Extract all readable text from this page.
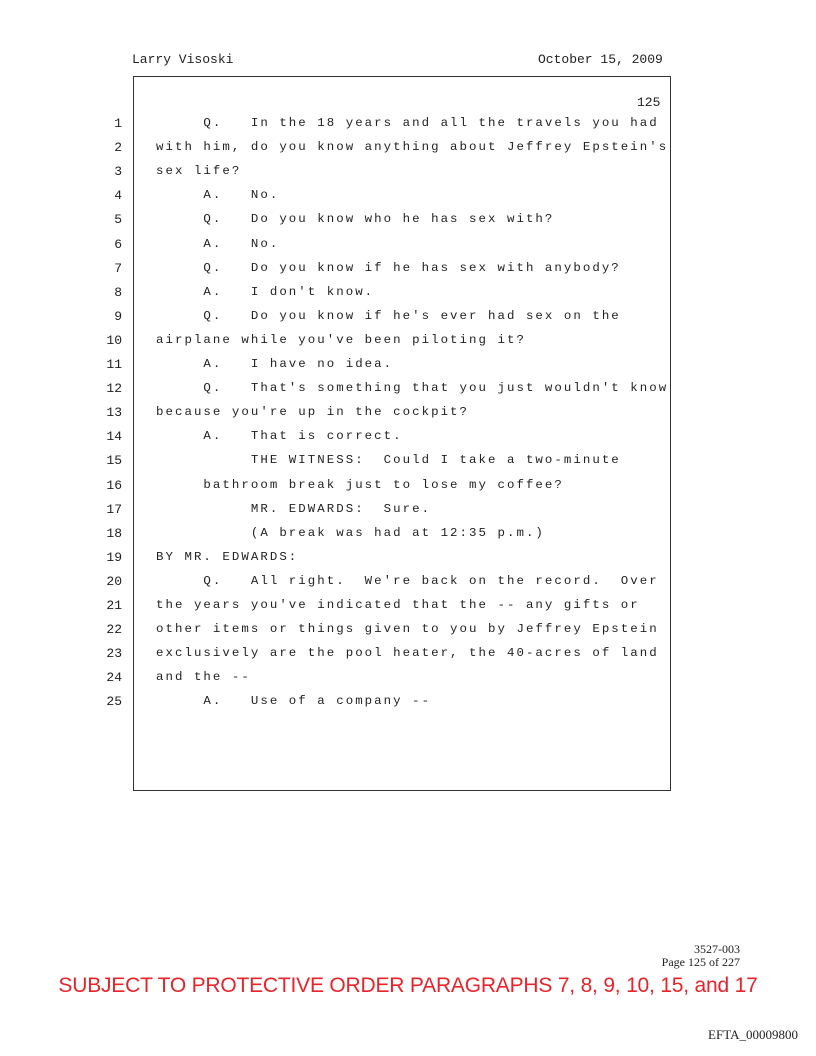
Larry Visoski	October 15, 2009
125
1	Q.   In the 18 years and all the travels you had
2	with him, do you know anything about Jeffrey Epstein's
3	sex life?
4	A.   No.
5	Q.   Do you know who he has sex with?
6	A.   No.
7	Q.   Do you know if he has sex with anybody?
8	A.   I don't know.
9	Q.   Do you know if he's ever had sex on the
10	airplane while you've been piloting it?
11	A.   I have no idea.
12	Q.   That's something that you just wouldn't know
13	because you're up in the cockpit?
14	A.   That is correct.
15	THE WITNESS:  Could I take a two-minute
16	bathroom break just to lose my coffee?
17	MR. EDWARDS:  Sure.
18	(A break was had at 12:35 p.m.)
19	BY MR. EDWARDS:
20	Q.   All right.  We're back on the record.  Over
21	the years you've indicated that the -- any gifts or
22	other items or things given to you by Jeffrey Epstein
23	exclusively are the pool heater, the 40-acres of land
24	and the --
25	A.   Use of a company --
3527-003
Page 125 of 227
SUBJECT TO PROTECTIVE ORDER PARAGRAPHS 7, 8, 9, 10, 15, and 17
EFTA_00009800
